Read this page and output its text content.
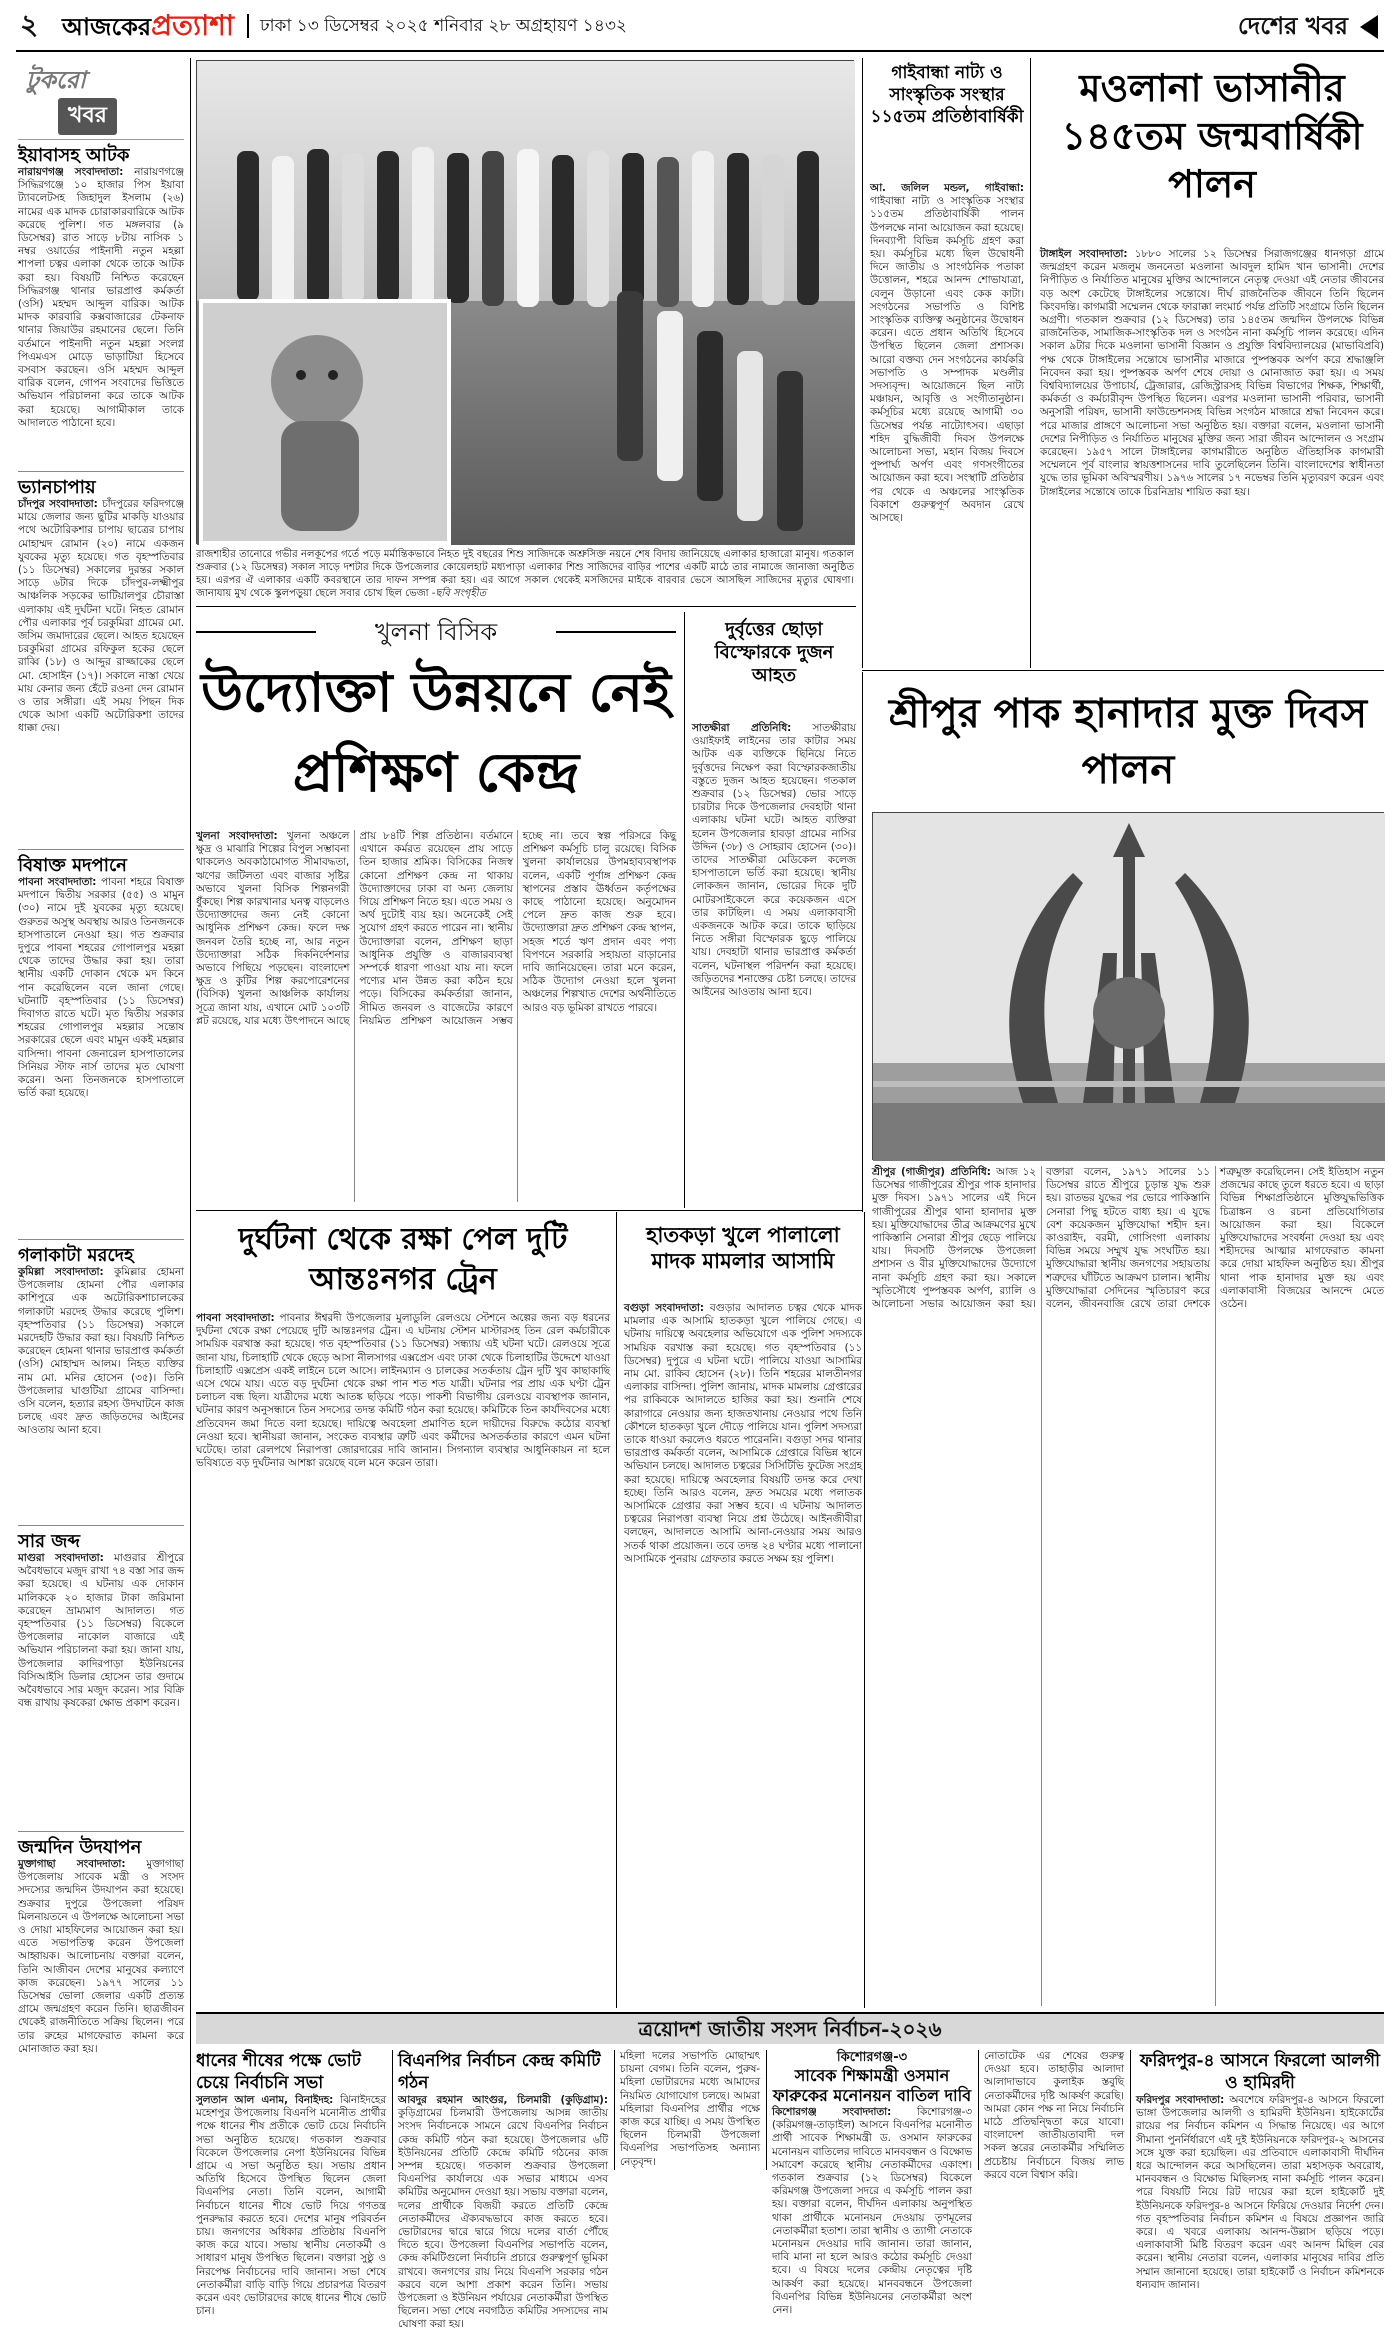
২ আজকেরপ্রত্যাশা ঢাকা ১৩ ডিসেম্বর ২০২৫ শনিবার ২৮ অগ্রহায়ণ ১৪৩২	দেশের খবর
টুকরো
খবর
ইয়াবাসহ আটক
নারায়ণগঞ্জ সংবাদদাতা: নারায়ণগঞ্জে সিদ্ধিরগঞ্জে ১০ হাজার পিস ইয়াবা ট্যাবলেটসহ জিহাদুল ইসলাম (২৬) নামের এক মাদক চোরাকারবারিকে আটক করেছে পুলিশ। গত মঙ্গলবার (৯ ডিসেম্বর) রাত সাড়ে ৮টায় নাসিক ১ নম্বর ওয়ার্ডের পাইনাদী নতুন মহল্লা শাপলা চত্বর এলাকা থেকে তাকে আটক করা হয়। বিষয়টি নিশ্চিত করেছেন সিদ্ধিরগঞ্জ থানার ভারপ্রাপ্ত কর্মকর্তা (ওসি) মহম্মদ আব্দুল বারিক। আটক মাদক কারবারি কক্সবাজারের টেকনাফ থানার জিয়াউর রহমানের ছেলে। তিনি বর্তমানে পাইনাদী নতুন মহল্লা সংলগ্ন পিএমএস মোড়ে ভাড়াটিয়া হিসেবে বসবাস করছেন। ওসি মহম্মদ আব্দুল বারিক বলেন, গোপন সংবাদের ভিত্তিতে অভিযান পরিচালনা করে তাকে আটক করা হয়েছে। আগামীকাল তাকে আদালতে পাঠানো হবে।
ভ্যানচাপায়
চাঁদপুর সংবাদদাতা: চাঁদপুরের ফরিদগঞ্জে মায়ে জেলার জন্য ছুটির মাকড়ি যাওয়ার পথে অটোরিকশার চাপায় ছাত্রের চাপায় মোহাম্মদ রোমান (২০) নামে একজন যুবকের মৃত্যু হয়েছে। গত বৃহস্পতিবার (১১ ডিসেম্বর) সকালের দুরন্তর সকাল সাড়ে ৬টার দিকে চাঁদপুর-লক্ষ্মীপুর আঞ্চলিক সড়কের ভাটিয়ালপুর চৌরাস্তা এলাকায় এই দুর্ঘটনা ঘটে। নিহত রোমান পৌর এলাকার পূর্ব চরকুমিরা গ্রামের মো. জসিম জমাদারের ছেলে। আহত হয়েছেন চরকুমিরা গ্রামের রফিকুল হকের ছেলে রাব্বি (১৮) ও আব্দুর রাজ্জাকের ছেলে মো. হোসাইন (১৭)। সকালে নাস্তা খেয়ে মায় কেনার জন্য হেঁটে রওনা দেন রোমান ও তার সঙ্গীরা। এই সময় পিছন দিক থেকে আসা একটি অটোরিকশা তাদের ধাক্কা দেয়।
বিষাক্ত মদপানে
পাবনা সংবাদদাতা: পাবনা শহরে বিষাক্ত মদপানে দ্বিতীয় সরকার (৫৫) ও মামুন (৩০) নামে দুই যুবকের মৃত্যু হয়েছে। গুরুতর অসুস্থ অবস্থায় আরও তিনজনকে হাসপাতালে নেওয়া হয়। গত শুক্রবার দুপুরে পাবনা শহরের গোপালপুর মহল্লা থেকে তাদের উদ্ধার করা হয়। তারা স্থানীয় একটি দোকান থেকে মদ কিনে পান করেছিলেন বলে জানা গেছে। ঘটনাটি বৃহস্পতিবার (১১ ডিসেম্বর) দিবাগত রাতে ঘটে। মৃত দ্বিতীয় সরকার শহরের গোপালপুর মহল্লার সন্তোষ সরকারের ছেলে এবং মামুন একই মহল্লার বাসিন্দা। পাবনা জেনারেল হাসপাতালের সিনিয়র স্টাফ নার্স তাদের মৃত ঘোষণা করেন। অন্য তিনজনকে হাসপাতালে ভর্তি করা হয়েছে।
গলাকাটা মরদেহ
কুমিল্লা সংবাদদাতা: কুমিল্লার হোমনা উপজেলায় হোমনা পৌর এলাকার কাশিপুরে এক অটোরিকশাচালকের গলাকাটা মরদেহ উদ্ধার করেছে পুলিশ। বৃহস্পতিবার (১১ ডিসেম্বর) সকালে মরদেহটি উদ্ধার করা হয়। বিষয়টি নিশ্চিত করেছেন হোমনা থানার ভারপ্রাপ্ত কর্মকর্তা (ওসি) মোহাম্মদ আলম। নিহত ব্যক্তির নাম মো. মনির হোসেন (৩৫)। তিনি উপজেলার ঘাগুটিয়া গ্রামের বাসিন্দা। ওসি বলেন, হত্যার রহস্য উদঘাটনে কাজ চলছে এবং দ্রুত জড়িতদের আইনের আওতায় আনা হবে।
সার জব্দ
মাগুরা সংবাদদাতা: মাগুরার শ্রীপুরে অবৈধভাবে মজুদ রাখা ৭৪ বস্তা সার জব্দ করা হয়েছে। এ ঘটনায় এক দোকান মালিককে ২০ হাজার টাকা জরিমানা করেছেন ভ্রাম্যমাণ আদালত। গত বৃহস্পতিবার (১১ ডিসেম্বর) বিকেলে উপজেলার নাকোল বাজারে এই অভিযান পরিচালনা করা হয়। জানা যায়, উপজেলার কাদিরপাড়া ইউনিয়নের বিসিআইসি ডিলার হোসেন তার গুদামে অবৈধভাবে সার মজুদ করেন। সার বিক্রি বন্ধ রাখায় কৃষকেরা ক্ষোভ প্রকাশ করেন।
জন্মদিন উদযাপন
মুক্তাগাছা সংবাদদাতা: মুক্তাগাছা উপজেলায় সাবেক মন্ত্রী ও সংসদ সদস্যের জন্মদিন উদযাপন করা হয়েছে। শুক্রবার দুপুরে উপজেলা পরিষদ মিলনায়তনে এ উপলক্ষে আলোচনা সভা ও দোয়া মাহফিলের আয়োজন করা হয়। এতে সভাপতিত্ব করেন উপজেলা আহ্বায়ক। আলোচনায় বক্তারা বলেন, তিনি আজীবন দেশের মানুষের কল্যাণে কাজ করেছেন। ১৯৭৭ সালের ১১ ডিসেম্বর ভোলা জেলার একটি প্রত্যন্ত গ্রামে জন্মগ্রহণ করেন তিনি। ছাত্রজীবন থেকেই রাজনীতিতে সক্রিয় ছিলেন। পরে তার রুহের মাগফেরাত কামনা করে মোনাজাত করা হয়।
রাজশাহীর তানোরে গভীর নলকূপের গর্তে পড়ে মর্মান্তিকভাবে নিহত দুই বছরের শিশু সাজিদকে অশ্রুসিক্ত নয়নে শেষ বিদায় জানিয়েছে এলাকার হাজারো মানুষ। গতকাল শুক্রবার (১২ ডিসেম্বর) সকাল সাড়ে দশটার দিকে উপজেলার কোয়েলহাট মধ্যপাড়া এলাকার শিশু সাজিদের বাড়ির পাশের একটি মাঠে তার নামাজে জানাজা অনুষ্ঠিত হয়। এরপর ঐ এলাকার একটি কবরস্থানে তার দাফন সম্পন্ন করা হয়। এর আগে সকাল থেকেই মসজিদের মাইকে বারবার ভেসে আসছিল সাজিদের মৃত্যুর ঘোষণা। জানাযায় মুখ থেকে স্কুলপড়ুয়া ছেলে সবার চোখ ছিল ভেজা -ছবি সংগৃহীত
গাইবান্ধা নাট্য ও সাংস্কৃতিক সংস্থার ১১৫তম প্রতিষ্ঠাবার্ষিকী
আ. জলিল মন্ডল, গাইবান্ধা: গাইবান্ধা নাট্য ও সাংস্কৃতিক সংস্থার ১১৫তম প্রতিষ্ঠাবার্ষিকী পালন উপলক্ষে নানা আয়োজন করা হয়েছে। দিনব্যাপী বিভিন্ন কর্মসূচি গ্রহণ করা হয়। কর্মসূচির মধ্যে ছিল উদ্বোধনী দিনে জাতীয় ও সাংগঠনিক পতাকা উত্তোলন, শহরে আনন্দ শোভাযাত্রা, বেলুন উড়ানো এবং কেক কাটা। সংগঠনের সভাপতি ও বিশিষ্ট সাংস্কৃতিক ব্যক্তিত্ব অনুষ্ঠানের উদ্বোধন করেন। এতে প্রধান অতিথি হিসেবে উপস্থিত ছিলেন জেলা প্রশাসক। আরো বক্তব্য দেন সংগঠনের কার্যকরি সভাপতি ও সম্পাদক মণ্ডলীর সদস্যবৃন্দ। আয়োজনে ছিল নাট্য মঞ্চায়ন, আবৃত্তি ও সংগীতানুষ্ঠান। কর্মসূচির মধ্যে রয়েছে আগামী ৩০ ডিসেম্বর পর্যন্ত নাট্যোৎসব। এছাড়া শহিদ বুদ্ধিজীবী দিবস উপলক্ষে আলোচনা সভা, মহান বিজয় দিবসে পুষ্পার্ঘ্য অর্পণ এবং গণসংগীতের আয়োজন করা হবে। সংস্থাটি প্রতিষ্ঠার পর থেকে এ অঞ্চলের সাংস্কৃতিক বিকাশে গুরুত্বপূর্ণ অবদান রেখে আসছে।
মওলানা ভাসানীর ১৪৫তম জন্মবার্ষিকী পালন
টাঙ্গাইল সংবাদদাতা: ১৮৮০ সালের ১২ ডিসেম্বর সিরাজগঞ্জের ধানগড়া গ্রামে জন্মগ্রহণ করেন মজলুম জননেতা মওলানা আবদুল হামিদ খান ভাসানী। দেশের নিপীড়িত ও নির্যাতিত মানুষের মুক্তির আন্দোলনে নেতৃত্ব দেওয়া এই নেতার জীবনের বড় অংশ কেটেছে টাঙ্গাইলের সন্তোষে। দীর্ঘ রাজনৈতিক জীবনে তিনি ছিলেন কিংবদন্তি। কাগমারী সম্মেলন থেকে ফারাক্কা লংমার্চ পর্যন্ত প্রতিটি সংগ্রামে তিনি ছিলেন অগ্রণী। গতকাল শুক্রবার (১২ ডিসেম্বর) তার ১৪৫তম জন্মদিন উপলক্ষে বিভিন্ন রাজনৈতিক, সামাজিক-সাংস্কৃতিক দল ও সংগঠন নানা কর্মসূচি পালন করেছে। এদিন সকাল ৯টার দিকে মওলানা ভাসানী বিজ্ঞান ও প্রযুক্তি বিশ্ববিদ্যালয়ের (মাভাবিপ্রবি) পক্ষ থেকে টাঙ্গাইলের সন্তোষে ভাসানীর মাজারে পুষ্পস্তবক অর্পণ করে শ্রদ্ধাঞ্জলি নিবেদন করা হয়। পুষ্পস্তবক অর্পণ শেষে দোয়া ও মোনাজাত করা হয়। এ সময় বিশ্ববিদ্যালয়ের উপাচার্য, ট্রেজারার, রেজিস্ট্রারসহ বিভিন্ন বিভাগের শিক্ষক, শিক্ষার্থী, কর্মকর্তা ও কর্মচারীবৃন্দ উপস্থিত ছিলেন। এরপর মওলানা ভাসানী পরিবার, ভাসানী অনুসারী পরিষদ, ভাসানী ফাউন্ডেশনসহ বিভিন্ন সংগঠন মাজারে শ্রদ্ধা নিবেদন করে। পরে মাজার প্রাঙ্গণে আলোচনা সভা অনুষ্ঠিত হয়। বক্তারা বলেন, মওলানা ভাসানী দেশের নিপীড়িত ও নির্যাতিত মানুষের মুক্তির জন্য সারা জীবন আন্দোলন ও সংগ্রাম করেছেন। ১৯৫৭ সালে টাঙ্গাইলের কাগমারীতে অনুষ্ঠিত ঐতিহাসিক কাগমারী সম্মেলনে পূর্ব বাংলার স্বায়ত্তশাসনের দাবি তুলেছিলেন তিনি। বাংলাদেশের স্বাধীনতা যুদ্ধে তার ভূমিকা অবিস্মরণীয়। ১৯৭৬ সালের ১৭ নভেম্বর তিনি মৃত্যুবরণ করেন এবং টাঙ্গাইলের সন্তোষে তাকে চিরনিদ্রায় শায়িত করা হয়।
খুলনা বিসিক
উদ্যোক্তা উন্নয়নে নেই প্রশিক্ষণ কেন্দ্র
খুলনা সংবাদদাতা: খুলনা অঞ্চলে ক্ষুদ্র ও মাঝারি শিল্পের বিপুল সম্ভাবনা থাকলেও অবকাঠামোগত সীমাবদ্ধতা, ঋণের জটিলতা এবং বাজার সৃষ্টির অভাবে খুলনা বিসিক শিল্পনগরী ধুঁকছে। শিল্প কারখানার ঘনত্ব বাড়লেও উদ্যোক্তাদের জন্য নেই কোনো আধুনিক প্রশিক্ষণ কেন্দ্র। ফলে দক্ষ জনবল তৈরি হচ্ছে না, আর নতুন উদ্যোক্তারা সঠিক দিকনির্দেশনার অভাবে পিছিয়ে পড়ছেন। বাংলাদেশ ক্ষুদ্র ও কুটির শিল্প করপোরেশনের (বিসিক) খুলনা আঞ্চলিক কার্যালয় সূত্রে জানা যায়, এখানে মোট ১০৩টি প্লট রয়েছে, যার মধ্যে উৎপাদনে আছে প্রায় ৮৪টি শিল্প প্রতিষ্ঠান। বর্তমানে এখানে কর্মরত রয়েছেন প্রায় সাড়ে তিন হাজার শ্রমিক। বিসিকের নিজস্ব কোনো প্রশিক্ষণ কেন্দ্র না থাকায় উদ্যোক্তাদের ঢাকা বা অন্য জেলায় গিয়ে প্রশিক্ষণ নিতে হয়। এতে সময় ও অর্থ দুটোই ব্যয় হয়। অনেকেই সেই সুযোগ গ্রহণ করতে পারেন না। স্থানীয় উদ্যোক্তারা বলেন, প্রশিক্ষণ ছাড়া আধুনিক প্রযুক্তি ও বাজারব্যবস্থা সম্পর্কে ধারণা পাওয়া যায় না। ফলে পণ্যের মান উন্নত করা কঠিন হয়ে পড়ে। বিসিকের কর্মকর্তারা জানান, সীমিত জনবল ও বাজেটের কারণে নিয়মিত প্রশিক্ষণ আয়োজন সম্ভব হচ্ছে না। তবে স্বল্প পরিসরে কিছু প্রশিক্ষণ কর্মসূচি চালু রয়েছে। বিসিক খুলনা কার্যালয়ের উপমহাব্যবস্থাপক বলেন, একটি পূর্ণাঙ্গ প্রশিক্ষণ কেন্দ্র স্থাপনের প্রস্তাব ঊর্ধ্বতন কর্তৃপক্ষের কাছে পাঠানো হয়েছে। অনুমোদন পেলে দ্রুত কাজ শুরু হবে। উদ্যোক্তারা দ্রুত প্রশিক্ষণ কেন্দ্র স্থাপন, সহজ শর্তে ঋণ প্রদান এবং পণ্য বিপণনে সরকারি সহায়তা বাড়ানোর দাবি জানিয়েছেন। তারা মনে করেন, সঠিক উদ্যোগ নেওয়া হলে খুলনা অঞ্চলের শিল্পখাত দেশের অর্থনীতিতে আরও বড় ভূমিকা রাখতে পারবে।
দুর্বৃত্তের ছোড়া বিস্ফোরকে দুজন আহত
সাতক্ষীরা প্রতিনিধি: সাতক্ষীরায় ওয়াইফাই লাইনের তার কাটার সময় আটক এক ব্যক্তিকে ছিনিয়ে নিতে দুর্বৃত্তদের নিক্ষেপ করা বিস্ফোরকজাতীয় বস্তুতে দুজন আহত হয়েছেন। গতকাল শুক্রবার (১২ ডিসেম্বর) ভোর সাড়ে চারটার দিকে উপজেলার দেবহাটা থানা এলাকায় ঘটনা ঘটে। আহত ব্যক্তিরা হলেন উপজেলার হাবড়া গ্রামের নাসির উদ্দিন (৩৮) ও সোহরাব হোসেন (৩০)। তাদের সাতক্ষীরা মেডিকেল কলেজ হাসপাতালে ভর্তি করা হয়েছে। স্থানীয় লোকজন জানান, ভোরের দিকে দুটি মোটরসাইকেলে করে কয়েকজন এসে তার কাটছিল। এ সময় এলাকাবাসী একজনকে আটক করে। তাকে ছাড়িয়ে নিতে সঙ্গীরা বিস্ফোরক ছুড়ে পালিয়ে যায়। দেবহাটা থানার ভারপ্রাপ্ত কর্মকর্তা বলেন, ঘটনাস্থল পরিদর্শন করা হয়েছে। জড়িতদের শনাক্তের চেষ্টা চলছে। তাদের আইনের আওতায় আনা হবে।
শ্রীপুর পাক হানাদার মুক্ত দিবস পালন
শ্রীপুর (গাজীপুর) প্রতিনিধি: আজ ১২ ডিসেম্বর গাজীপুরের শ্রীপুর পাক হানাদার মুক্ত দিবস। ১৯৭১ সালের এই দিনে গাজীপুরের শ্রীপুর থানা হানাদার মুক্ত হয়। মুক্তিযোদ্ধাদের তীব্র আক্রমণের মুখে পাকিস্তানি সেনারা শ্রীপুর ছেড়ে পালিয়ে যায়। দিবসটি উপলক্ষে উপজেলা প্রশাসন ও বীর মুক্তিযোদ্ধাদের উদ্যোগে নানা কর্মসূচি গ্রহণ করা হয়। সকালে স্মৃতিসৌধে পুষ্পস্তবক অর্পণ, র‍্যালি ও আলোচনা সভার আয়োজন করা হয়। বক্তারা বলেন, ১৯৭১ সালের ১১ ডিসেম্বর রাতে শ্রীপুরে চূড়ান্ত যুদ্ধ শুরু হয়। রাতভর যুদ্ধের পর ভোরে পাকিস্তানি সেনারা পিছু হটতে বাধ্য হয়। এ যুদ্ধে বেশ কয়েকজন মুক্তিযোদ্ধা শহীদ হন। কাওরাইদ, বরমী, গোসিংগা এলাকায় বিভিন্ন সময়ে সম্মুখ যুদ্ধ সংঘটিত হয়। মুক্তিযোদ্ধারা স্থানীয় জনগণের সহায়তায় শত্রুদের ঘাঁটিতে আক্রমণ চালান। স্থানীয় মুক্তিযোদ্ধারা সেদিনের স্মৃতিচারণ করে বলেন, জীবনবাজি রেখে তারা দেশকে শত্রুমুক্ত করেছিলেন। সেই ইতিহাস নতুন প্রজন্মের কাছে তুলে ধরতে হবে। এ ছাড়া বিভিন্ন শিক্ষাপ্রতিষ্ঠানে মুক্তিযুদ্ধভিত্তিক চিত্রাঙ্কন ও রচনা প্রতিযোগিতার আয়োজন করা হয়। বিকেলে মুক্তিযোদ্ধাদের সংবর্ধনা দেওয়া হয় এবং শহীদদের আত্মার মাগফেরাত কামনা করে দোয়া মাহফিল অনুষ্ঠিত হয়। শ্রীপুর থানা পাক হানাদার মুক্ত হয় এবং এলাকাবাসী বিজয়ের আনন্দে মেতে ওঠেন।
দুর্ঘটনা থেকে রক্ষা পেল দুটি আন্তঃনগর ট্রেন
পাবনা সংবাদদাতা: পাবনার ঈশ্বরদী উপজেলার মুলাডুলি রেলওয়ে স্টেশনে অল্পের জন্য বড় ধরনের দুর্ঘটনা থেকে রক্ষা পেয়েছে দুটি আন্তঃনগর ট্রেন। এ ঘটনায় স্টেশন মাস্টারসহ তিন রেল কর্মচারীকে সাময়িক বরখাস্ত করা হয়েছে। গত বৃহস্পতিবার (১১ ডিসেম্বর) সন্ধ্যায় এই ঘটনা ঘটে। রেলওয়ে সূত্রে জানা যায়, চিলাহাটি থেকে ছেড়ে আসা নীলসাগর এক্সপ্রেস এবং ঢাকা থেকে চিলাহাটির উদ্দেশে যাওয়া চিলাহাটি এক্সপ্রেস একই লাইনে চলে আসে। লাইনম্যান ও চালকের সতর্কতায় ট্রেন দুটি খুব কাছাকাছি এসে থেমে যায়। এতে বড় দুর্ঘটনা থেকে রক্ষা পান শত শত যাত্রী। ঘটনার পর প্রায় এক ঘণ্টা ট্রেন চলাচল বন্ধ ছিল। যাত্রীদের মধ্যে আতঙ্ক ছড়িয়ে পড়ে। পাকশী বিভাগীয় রেলওয়ে ব্যবস্থাপক জানান, ঘটনার কারণ অনুসন্ধানে তিন সদস্যের তদন্ত কমিটি গঠন করা হয়েছে। কমিটিকে তিন কার্যদিবসের মধ্যে প্রতিবেদন জমা দিতে বলা হয়েছে। দায়িত্বে অবহেলা প্রমাণিত হলে দায়ীদের বিরুদ্ধে কঠোর ব্যবস্থা নেওয়া হবে। স্থানীয়রা জানান, সংকেত ব্যবস্থার ত্রুটি এবং কর্মীদের অসতর্কতার কারণে এমন ঘটনা ঘটেছে। তারা রেলপথে নিরাপত্তা জোরদারের দাবি জানান। সিগন্যাল ব্যবস্থার আধুনিকায়ন না হলে ভবিষ্যতে বড় দুর্ঘটনার আশঙ্কা রয়েছে বলে মনে করেন তারা।
হাতকড়া খুলে পালালো মাদক মামলার আসামি
বগুড়া সংবাদদাতা: বগুড়ার আদালত চত্বর থেকে মাদক মামলার এক আসামি হাতকড়া খুলে পালিয়ে গেছে। এ ঘটনায় দায়িত্বে অবহেলার অভিযোগে এক পুলিশ সদস্যকে সাময়িক বরখাস্ত করা হয়েছে। গত বৃহস্পতিবার (১১ ডিসেম্বর) দুপুরে এ ঘটনা ঘটে। পালিয়ে যাওয়া আসামির নাম মো. রাকিব হোসেন (২৮)। তিনি শহরের মালতীনগর এলাকার বাসিন্দা। পুলিশ জানায়, মাদক মামলায় গ্রেপ্তারের পর রাকিবকে আদালতে হাজির করা হয়। শুনানি শেষে কারাগারে নেওয়ার জন্য হাজতখানায় নেওয়ার পথে তিনি কৌশলে হাতকড়া খুলে দৌড়ে পালিয়ে যান। পুলিশ সদস্যরা তাকে ধাওয়া করলেও ধরতে পারেননি। বগুড়া সদর থানার ভারপ্রাপ্ত কর্মকর্তা বলেন, আসামিকে গ্রেপ্তারে বিভিন্ন স্থানে অভিযান চলছে। আদালত চত্বরের সিসিটিভি ফুটেজ সংগ্রহ করা হয়েছে। দায়িত্বে অবহেলার বিষয়টি তদন্ত করে দেখা হচ্ছে। তিনি আরও বলেন, দ্রুত সময়ের মধ্যে পলাতক আসামিকে গ্রেপ্তার করা সম্ভব হবে। এ ঘটনায় আদালত চত্বরের নিরাপত্তা ব্যবস্থা নিয়ে প্রশ্ন উঠেছে। আইনজীবীরা বলছেন, আদালতে আসামি আনা-নেওয়ার সময় আরও সতর্ক থাকা প্রয়োজন। তবে তদন্ত ২৪ ঘণ্টার মধ্যে পালানো আসামিকে পুনরায় গ্রেফতার করতে সক্ষম হয় পুলিশ।
ত্রয়োদশ জাতীয় সংসদ নির্বাচন-২০২৬
ধানের শীষের পক্ষে ভোট চেয়ে নির্বাচনি সভা
সুলতান আল এনাম, বিনাইদহ: ঝিনাইদহের মহেশপুর উপজেলায় বিএনপি মনোনীত প্রার্থীর পক্ষে ধানের শীষ প্রতীকে ভোট চেয়ে নির্বাচনি সভা অনুষ্ঠিত হয়েছে। গতকাল শুক্রবার বিকেলে উপজেলার নেপা ইউনিয়নের বিভিন্ন গ্রামে এ সভা অনুষ্ঠিত হয়। সভায় প্রধান অতিথি হিসেবে উপস্থিত ছিলেন জেলা বিএনপির নেতা। তিনি বলেন, আগামী নির্বাচনে ধানের শীষে ভোট দিয়ে গণতন্ত্র পুনরুদ্ধার করতে হবে। দেশের মানুষ পরিবর্তন চায়। জনগণের অধিকার প্রতিষ্ঠায় বিএনপি কাজ করে যাবে। সভায় স্থানীয় নেতাকর্মী ও সাধারণ মানুষ উপস্থিত ছিলেন। বক্তারা সুষ্ঠু ও নিরপেক্ষ নির্বাচনের দাবি জানান। সভা শেষে নেতাকর্মীরা বাড়ি বাড়ি গিয়ে প্রচারপত্র বিতরণ করেন এবং ভোটারদের কাছে ধানের শীষে ভোট চান।
বিএনপির নির্বাচন কেন্দ্র কমিটি গঠন
আবদুর রহমান আংগুর, চিলমারী (কুড়িগ্রাম): কুড়িগ্রামের চিলমারী উপজেলায় আসন্ন জাতীয় সংসদ নির্বাচনকে সামনে রেখে বিএনপির নির্বাচন কেন্দ্র কমিটি গঠন করা হয়েছে। উপজেলার ৬টি ইউনিয়নের প্রতিটি কেন্দ্রে কমিটি গঠনের কাজ সম্পন্ন হয়েছে। গতকাল শুক্রবার উপজেলা বিএনপির কার্যালয়ে এক সভার মাধ্যমে এসব কমিটির অনুমোদন দেওয়া হয়। সভায় বক্তারা বলেন, দলের প্রার্থীকে বিজয়ী করতে প্রতিটি কেন্দ্রে নেতাকর্মীদের ঐক্যবদ্ধভাবে কাজ করতে হবে। ভোটারদের দ্বারে দ্বারে গিয়ে দলের বার্তা পৌঁছে দিতে হবে। উপজেলা বিএনপির সভাপতি বলেন, কেন্দ্র কমিটিগুলো নির্বাচনি প্রচারে গুরুত্বপূর্ণ ভূমিকা রাখবে। জনগণের রায় নিয়ে বিএনপি সরকার গঠন করবে বলে আশা প্রকাশ করেন তিনি। সভায় উপজেলা ও ইউনিয়ন পর্যায়ের নেতাকর্মীরা উপস্থিত ছিলেন। সভা শেষে নবগঠিত কমিটির সদস্যদের নাম ঘোষণা করা হয়।
মহিলা দলের সভাপতি মোছাম্মৎ চায়না বেগম। তিনি বলেন, পুরুষ-মহিলা ভোটারদের মধ্যে আমাদের নিয়মিত যোগাযোগ চলছে। আমরা মহিলারা বিএনপির প্রার্থীর পক্ষে কাজ করে যাচ্ছি। এ সময় উপস্থিত ছিলেন চিলমারী উপজেলা বিএনপির সভাপতিসহ অন্যান্য নেতৃবৃন্দ।
কিশোরগঞ্জ-৩
সাবেক শিক্ষামন্ত্রী ওসমান ফারুকের মনোনয়ন বাতিল দাবি
কিশোরগঞ্জ সংবাদদাতা:	কিশোরগঞ্জ-৩ (করিমগঞ্জ-তাড়াইল) আসনে বিএনপির মনোনীত প্রার্থী সাবেক শিক্ষামন্ত্রী ড. ওসমান ফারুকের মনোনয়ন বাতিলের দাবিতে মানববন্ধন ও বিক্ষোভ সমাবেশ করেছে স্থানীয় নেতাকর্মীদের একাংশ। গতকাল শুক্রবার (১২ ডিসেম্বর) বিকেলে করিমগঞ্জ উপজেলা সদরে এ কর্মসূচি পালন করা হয়। বক্তারা বলেন, দীর্ঘদিন এলাকায় অনুপস্থিত থাকা প্রার্থীকে মনোনয়ন দেওয়ায় তৃণমূলের নেতাকর্মীরা হতাশ। তারা স্থানীয় ও ত্যাগী নেতাকে মনোনয়ন দেওয়ার দাবি জানান। তারা জানান, দাবি মানা না হলে আরও কঠোর কর্মসূচি দেওয়া হবে। এ বিষয়ে দলের কেন্দ্রীয় নেতৃত্বের দৃষ্টি আকর্ষণ করা হয়েছে। মানববন্ধনে উপজেলা বিএনপির বিভিন্ন ইউনিয়নের নেতাকর্মীরা অংশ নেন।
নোতাটেক এর শেষের গুরুত্ব দেওয়া হবে। তাহাড়ীর আলাদা আলাদাভাবে কুলাইক স্তবুছি নেতাকর্মীদের দৃষ্টি আকর্ষণ করেছি। আমরা কোন পক্ষ না নিয়ে নির্বাচনি মাঠে প্রতিদ্বন্দ্বিতা করে যাবো। বাংলাদেশ জাতীয়তাবাদী দল সকল স্তরের নেতাকর্মীর সম্মিলিত প্রচেষ্টায় নির্বাচনে বিজয় লাভ করবে বলে বিশ্বাস করি।
ফরিদপুর-৪ আসনে ফিরলো আলগী ও হামিরদী
ফরিদপুর সংবাদদাতা: অবশেষে ফরিদপুর-৪ আসনে ফিরলো ভাঙ্গা উপজেলার আলগী ও হামিরদী ইউনিয়ন। হাইকোর্টের রায়ের পর নির্বাচন কমিশন এ সিদ্ধান্ত নিয়েছে। এর আগে সীমানা পুনর্নির্ধারণে এই দুই ইউনিয়নকে ফরিদপুর-২ আসনের সঙ্গে যুক্ত করা হয়েছিল। এর প্রতিবাদে এলাকাবাসী দীর্ঘদিন ধরে আন্দোলন করে আসছিলেন। তারা মহাসড়ক অবরোধ, মানববন্ধন ও বিক্ষোভ মিছিলসহ নানা কর্মসূচি পালন করেন। পরে বিষয়টি নিয়ে রিট দায়ের করা হলে হাইকোর্ট দুই ইউনিয়নকে ফরিদপুর-৪ আসনে ফিরিয়ে দেওয়ার নির্দেশ দেন। গত বৃহস্পতিবার নির্বাচন কমিশন এ বিষয়ে প্রজ্ঞাপন জারি করে। এ খবরে এলাকায় আনন্দ-উল্লাস ছড়িয়ে পড়ে। এলাকাবাসী মিষ্টি বিতরণ করেন এবং আনন্দ মিছিল বের করেন। স্থানীয় নেতারা বলেন, এলাকার মানুষের দাবির প্রতি সম্মান জানানো হয়েছে। তারা হাইকোর্ট ও নির্বাচন কমিশনকে ধন্যবাদ জানান।
